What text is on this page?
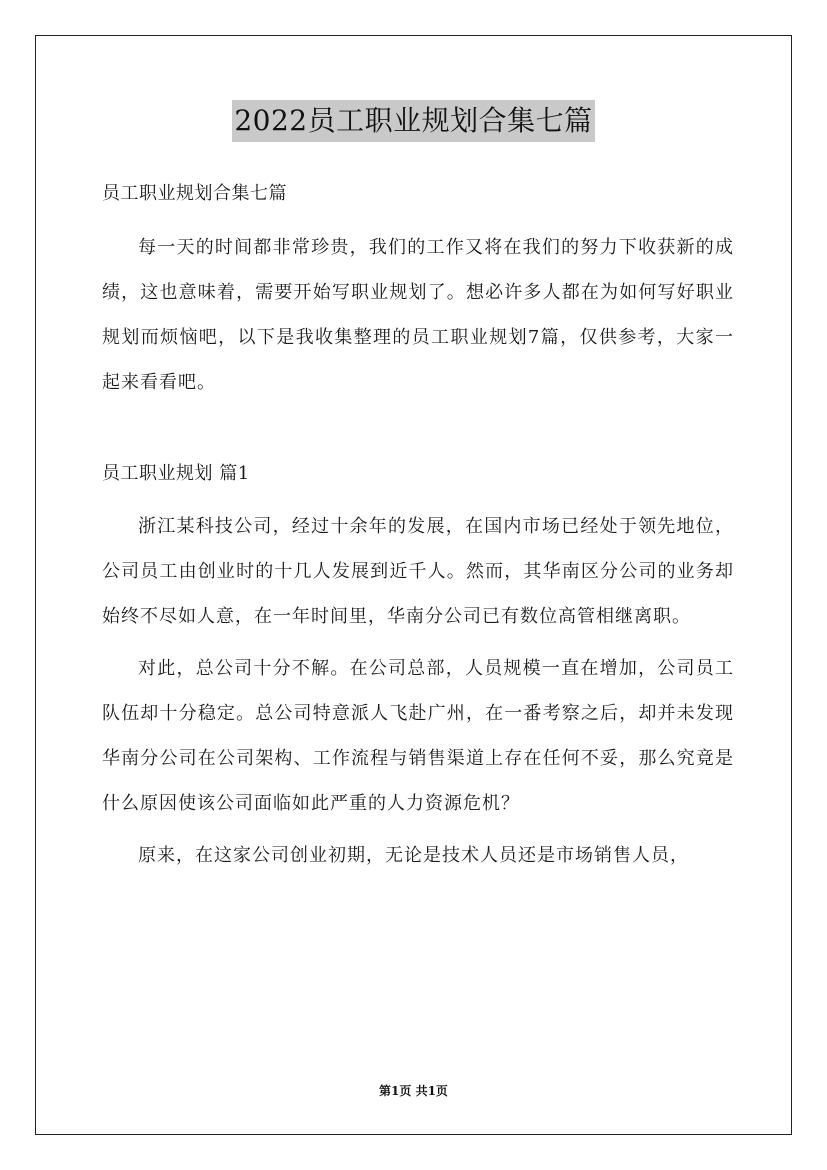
2022员工职业规划合集七篇

员工职业规划合集七篇

每一天的时间都非常珍贵，我们的工作又将在我们的努力下收获新的成绩，这也意味着，需要开始写职业规划了。想必许多人都在为如何写好职业规划而烦恼吧，以下是我收集整理的员工职业规划7篇，仅供参考，大家一起来看看吧。

员工职业规划 篇1

浙江某科技公司，经过十余年的发展，在国内市场已经处于领先地位，公司员工由创业时的十几人发展到近千人。然而，其华南区分公司的业务却始终不尽如人意，在一年时间里，华南分公司已有数位高管相继离职。

对此，总公司十分不解。在公司总部，人员规模一直在增加，公司员工队伍却十分稳定。总公司特意派人飞赴广州，在一番考察之后，却并未发现华南分公司在公司架构、工作流程与销售渠道上存在任何不妥，那么究竟是什么原因使该公司面临如此严重的人力资源危机？

原来，在这家公司创业初期，无论是技术人员还是市场销售人员，

第1页 共1页
